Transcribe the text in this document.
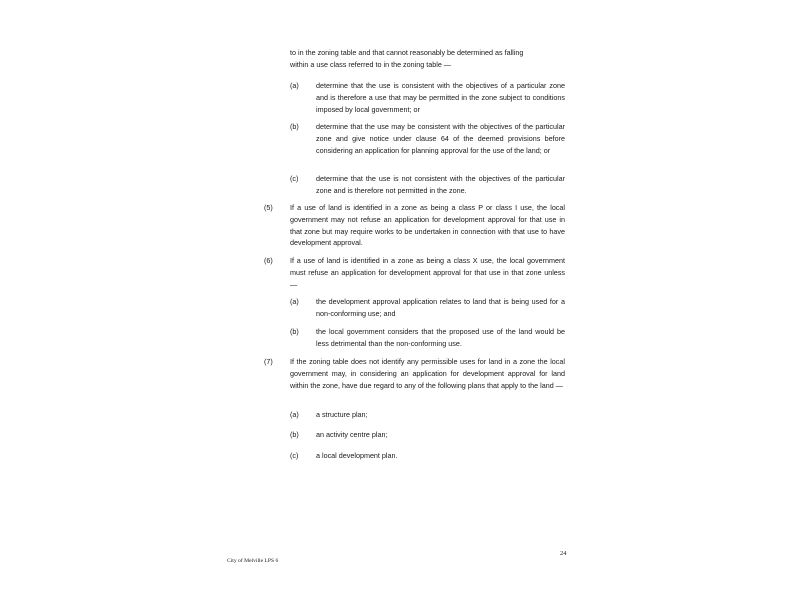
to in the zoning table and that cannot reasonably be determined as falling

within a use class referred to in the zoning table —

(a) determine that the use is consistent with the objectives of a particular zone and is therefore a use that may be permitted in the zone subject to conditions imposed by local government; or

(b) determine that the use may be consistent with the objectives of the particular zone and give notice under clause 64 of the deemed provisions before considering an application for planning approval for the use of the land; or

(c) determine that the use is not consistent with the objectives of the particular zone and is therefore not permitted in the zone.

(5) If a use of land is identified in a zone as being a class P or class I use, the local government may not refuse an application for development approval for that use in that zone but may require works to be undertaken in connection with that use to have development approval.

(6) If a use of land is identified in a zone as being a class X use, the local government must refuse an application for development approval for that use in that zone unless —

(a) the development approval application relates to land that is being used for a non-conforming use; and

(b) the local government considers that the proposed use of the land would be less detrimental than the non-conforming use.

(7) If the zoning table does not identify any permissible uses for land in a zone the local government may, in considering an application for development approval for land within the zone, have due regard to any of the following plans that apply to the land —

(a) a structure plan;

(b) an activity centre plan;

(c) a local development plan.

24
City of Melville LPS 6
